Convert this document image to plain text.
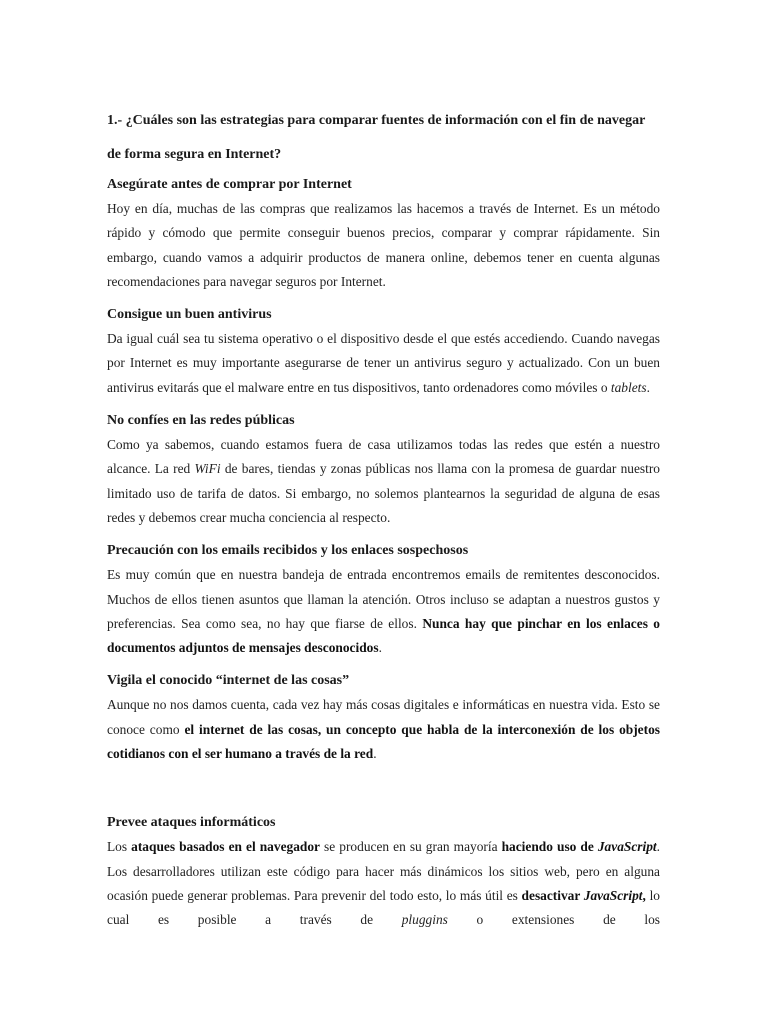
1.- ¿Cuáles son las estrategias para comparar fuentes de información con el fin de navegar de forma segura en Internet?

Asegúrate antes de comprar por Internet

Hoy en día, muchas de las compras que realizamos las hacemos a través de Internet. Es un método rápido y cómodo que permite conseguir buenos precios, comparar y comprar rápidamente. Sin embargo, cuando vamos a adquirir productos de manera online, debemos tener en cuenta algunas recomendaciones para navegar seguros por Internet.

Consigue un buen antivirus

Da igual cuál sea tu sistema operativo o el dispositivo desde el que estés accediendo. Cuando navegas por Internet es muy importante asegurarse de tener un antivirus seguro y actualizado. Con un buen antivirus evitarás que el malware entre en tus dispositivos, tanto ordenadores como móviles o tablets.

No confíes en las redes públicas

Como ya sabemos, cuando estamos fuera de casa utilizamos todas las redes que estén a nuestro alcance. La red WiFi de bares, tiendas y zonas públicas nos llama con la promesa de guardar nuestro limitado uso de tarifa de datos. Si embargo, no solemos plantearnos la seguridad de alguna de esas redes y debemos crear mucha conciencia al respecto.

Precaución con los emails recibidos y los enlaces sospechosos

Es muy común que en nuestra bandeja de entrada encontremos emails de remitentes desconocidos. Muchos de ellos tienen asuntos que llaman la atención. Otros incluso se adaptan a nuestros gustos y preferencias. Sea como sea, no hay que fiarse de ellos. Nunca hay que pinchar en los enlaces o documentos adjuntos de mensajes desconocidos.

Vigila el conocido “internet de las cosas”

Aunque no nos damos cuenta, cada vez hay más cosas digitales e informáticas en nuestra vida. Esto se conoce como el internet de las cosas, un concepto que habla de la interconexión de los objetos cotidianos con el ser humano a través de la red.

Prevee ataques informáticos

Los ataques basados en el navegador se producen en su gran mayoría haciendo uso de JavaScript. Los desarrolladores utilizan este código para hacer más dinámicos los sitios web, pero en alguna ocasión puede generar problemas. Para prevenir del todo esto, lo más útil es desactivar JavaScript, lo cual es posible a través de pluggins o extensiones de los
